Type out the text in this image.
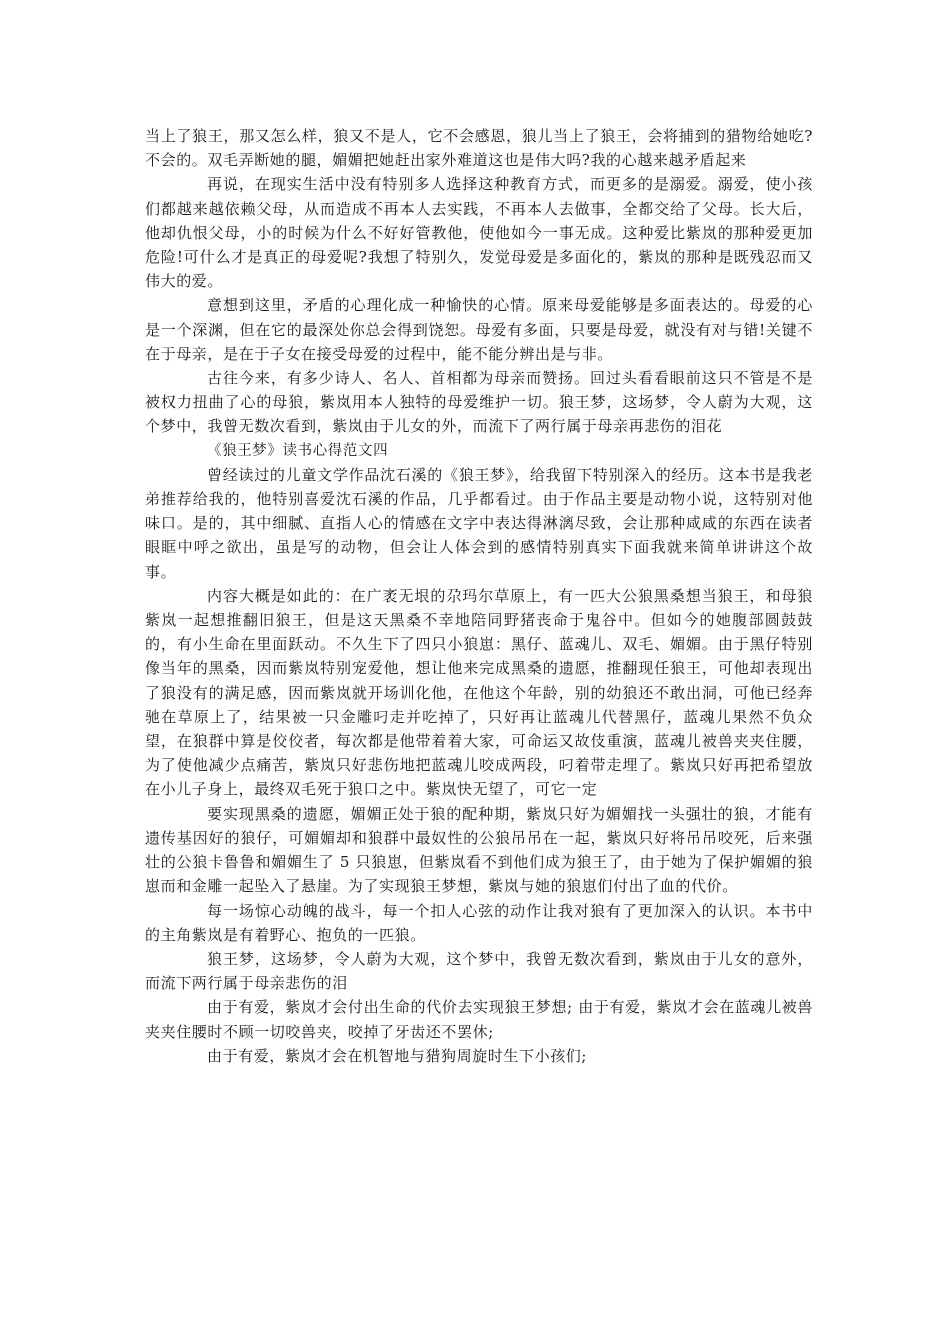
当上了狼王，那又怎么样，狼又不是人，它不会感恩，狼儿当上了狼王，会将捕到的猎物给她吃?不会的。双毛弄断她的腿，媚媚把她赶出家外难道这也是伟大吗?我的心越来越矛盾起来

再说，在现实生活中没有特别多人选择这种教育方式，而更多的是溺爱。溺爱，使小孩们都越来越依赖父母，从而造成不再本人去实践，不再本人去做事，全都交给了父母。长大后，他却仇恨父母，小的时候为什么不好好管教他，使他如今一事无成。这种爱比紫岚的那种爱更加危险!可什么才是真正的母爱呢?我想了特别久，发觉母爱是多面化的，紫岚的那种是既残忍而又伟大的爱。

意想到这里，矛盾的心理化成一种愉快的心情。原来母爱能够是多面表达的。母爱的心是一个深渊，但在它的最深处你总会得到饶恕。母爱有多面，只要是母爱，就没有对与错!关键不在于母亲，是在于子女在接受母爱的过程中，能不能分辨出是与非。

古往今来，有多少诗人、名人、首相都为母亲而赞扬。回过头看看眼前这只不管是不是被权力扭曲了心的母狼，紫岚用本人独特的母爱维护一切。狼王梦，这场梦，令人蔚为大观，这个梦中，我曾无数次看到，紫岚由于儿女的外，而流下了两行属于母亲再悲伤的泪花

《狼王梦》读书心得范文四

曾经读过的儿童文学作品沈石溪的《狼王梦》，给我留下特别深入的经历。这本书是我老弟推荐给我的，他特别喜爱沈石溪的作品，几乎都看过。由于作品主要是动物小说，这特别对他味口。是的，其中细腻、直指人心的情感在文字中表达得淋漓尽致，会让那种咸咸的东西在读者眼眶中呼之欲出，虽是写的动物，但会让人体会到的感情特别真实下面我就来简单讲讲这个故事。

内容大概是如此的：在广袤无垠的尕玛尔草原上，有一匹大公狼黑桑想当狼王，和母狼紫岚一起想推翻旧狼王，但是这天黑桑不幸地陪同野猪丧命于鬼谷中。但如今的她腹部圆鼓鼓的，有小生命在里面跃动。不久生下了四只小狼崽：黑仔、蓝魂儿、双毛、媚媚。由于黑仔特别像当年的黑桑，因而紫岚特别宠爱他，想让他来完成黑桑的遗愿，推翻现任狼王，可他却表现出了狼没有的满足感，因而紫岚就开场训化他，在他这个年龄，别的幼狼还不敢出洞，可他已经奔驰在草原上了，结果被一只金雕叼走并吃掉了，只好再让蓝魂儿代替黑仔，蓝魂儿果然不负众望，在狼群中算是佼佼者，每次都是他带着着大家，可命运又故伎重演，蓝魂儿被兽夹夹住腰，为了使他减少点痛苦，紫岚只好悲伤地把蓝魂儿咬成两段，叼着带走埋了。紫岚只好再把希望放在小儿子身上，最终双毛死于狼口之中。紫岚快无望了，可它一定

要实现黑桑的遗愿，媚媚正处于狼的配种期，紫岚只好为媚媚找一头强壮的狼，才能有遗传基因好的狼仔，可媚媚却和狼群中最奴性的公狼吊吊在一起，紫岚只好将吊吊咬死，后来强壮的公狼卡鲁鲁和媚媚生了 5 只狼崽，但紫岚看不到他们成为狼王了，由于她为了保护媚媚的狼崽而和金雕一起坠入了悬崖。为了实现狼王梦想，紫岚与她的狼崽们付出了血的代价。

每一场惊心动魄的战斗，每一个扣人心弦的动作让我对狼有了更加深入的认识。本书中的主角紫岚是有着野心、抱负的一匹狼。

狼王梦，这场梦，令人蔚为大观，这个梦中，我曾无数次看到，紫岚由于儿女的意外，而流下两行属于母亲悲伤的泪

由于有爱，紫岚才会付出生命的代价去实现狼王梦想; 由于有爱，紫岚才会在蓝魂儿被兽夹夹住腰时不顾一切咬兽夹，咬掉了牙齿还不罢休;

由于有爱，紫岚才会在机智地与猎狗周旋时生下小孩们;
